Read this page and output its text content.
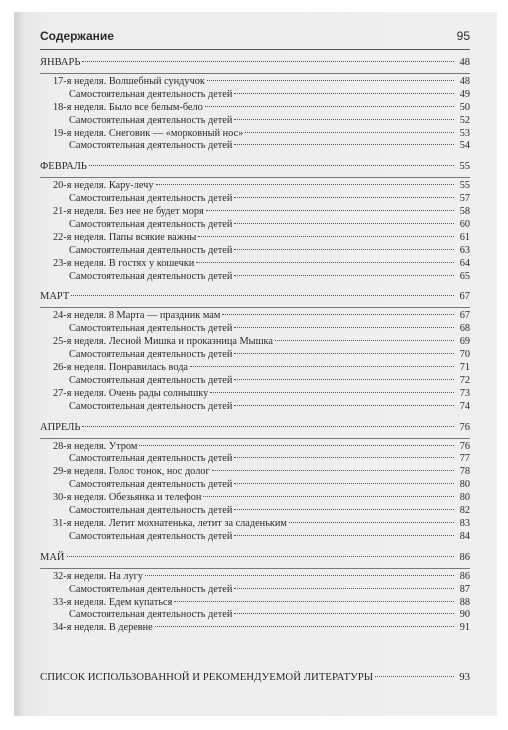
Содержание	95
ЯНВАРЬ	48
17-я неделя. Волшебный сундучок	48
Самостоятельная деятельность детей	49
18-я неделя. Было все белым-бело	50
Самостоятельная деятельность детей	52
19-я неделя. Снеговик — «морковный нос»	53
Самостоятельная деятельность детей	54
ФЕВРАЛЬ	55
20-я неделя. Кару-лечу	55
Самостоятельная деятельность детей	57
21-я неделя. Без нее не будет моря	58
Самостоятельная деятельность детей	60
22-я неделя. Папы всякие важны	61
Самостоятельная деятельность детей	63
23-я неделя. В гостях у кошечки	64
Самостоятельная деятельность детей	65
МАРТ	67
24-я неделя. 8 Марта — праздник мам	67
Самостоятельная деятельность детей	68
25-я неделя. Лесной Мишка и проказница Мышка	69
Самостоятельная деятельность детей	70
26-я неделя. Понравилась вода	71
Самостоятельная деятельность детей	72
27-я неделя. Очень рады солнышку	73
Самостоятельная деятельность детей	74
АПРЕЛЬ	76
28-я неделя. Утром	76
Самостоятельная деятельность детей	77
29-я неделя. Голос тонок, нос долог	78
Самостоятельная деятельность детей	80
30-я неделя. Обезьянка и телефон	80
Самостоятельная деятельность детей	82
31-я неделя. Летит мохнатенька, летит за сладеньким	83
Самостоятельная деятельность детей	84
МАЙ	86
32-я неделя. На лугу	86
Самостоятельная деятельность детей	87
33-я неделя. Едем купаться	88
Самостоятельная деятельность детей	90
34-я неделя. В деревне	91
СПИСОК ИСПОЛЬЗОВАННОЙ И РЕКОМЕНДУЕМОЙ ЛИТЕРАТУРЫ	93
